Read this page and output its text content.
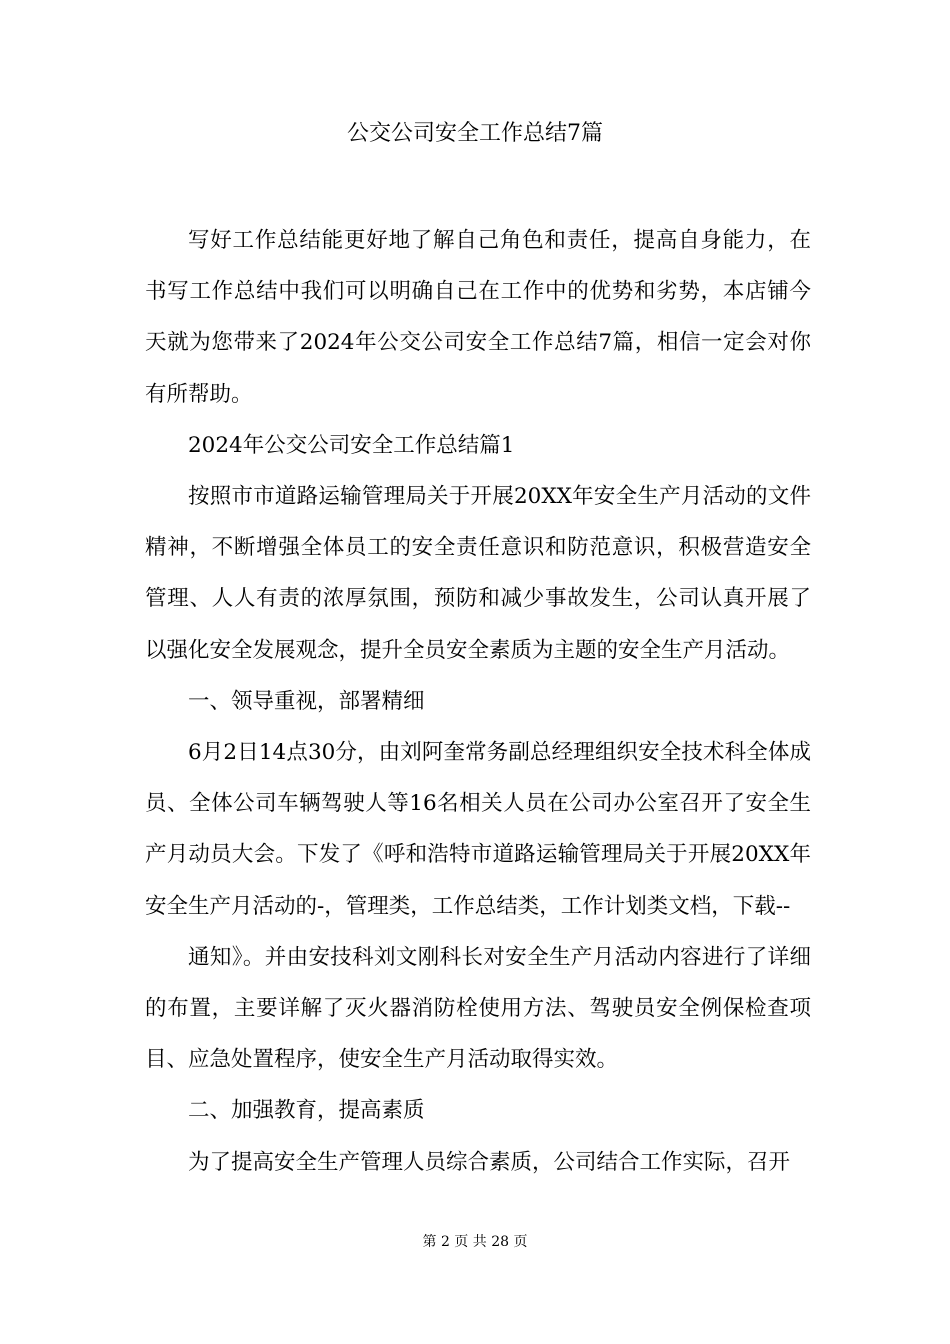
公交公司安全工作总结7篇

写好工作总结能更好地了解自己角色和责任，提高自身能力，在书写工作总结中我们可以明确自己在工作中的优势和劣势，本店铺今天就为您带来了2024年公交公司安全工作总结7篇，相信一定会对你有所帮助。

2024年公交公司安全工作总结篇1

按照市市道路运输管理局关于开展20XX年安全生产月活动的文件精神，不断增强全体员工的安全责任意识和防范意识，积极营造安全管理、人人有责的浓厚氛围，预防和减少事故发生，公司认真开展了以强化安全发展观念，提升全员安全素质为主题的安全生产月活动。

一、领导重视，部署精细

6月2日14点30分，由刘阿奎常务副总经理组织安全技术科全体成员、全体公司车辆驾驶人等16名相关人员在公司办公室召开了安全生产月动员大会。下发了《呼和浩特市道路运输管理局关于开展20XX年安全生产月活动的-，管理类，工作总结类，工作计划类文档，下载--

通知》。并由安技科刘文刚科长对安全生产月活动内容进行了详细的布置，主要详解了灭火器消防栓使用方法、驾驶员安全例保检查项目、应急处置程序，使安全生产月活动取得实效。

二、加强教育，提高素质

为了提高安全生产管理人员综合素质，公司结合工作实际，召开

第 2 页 共 28 页
